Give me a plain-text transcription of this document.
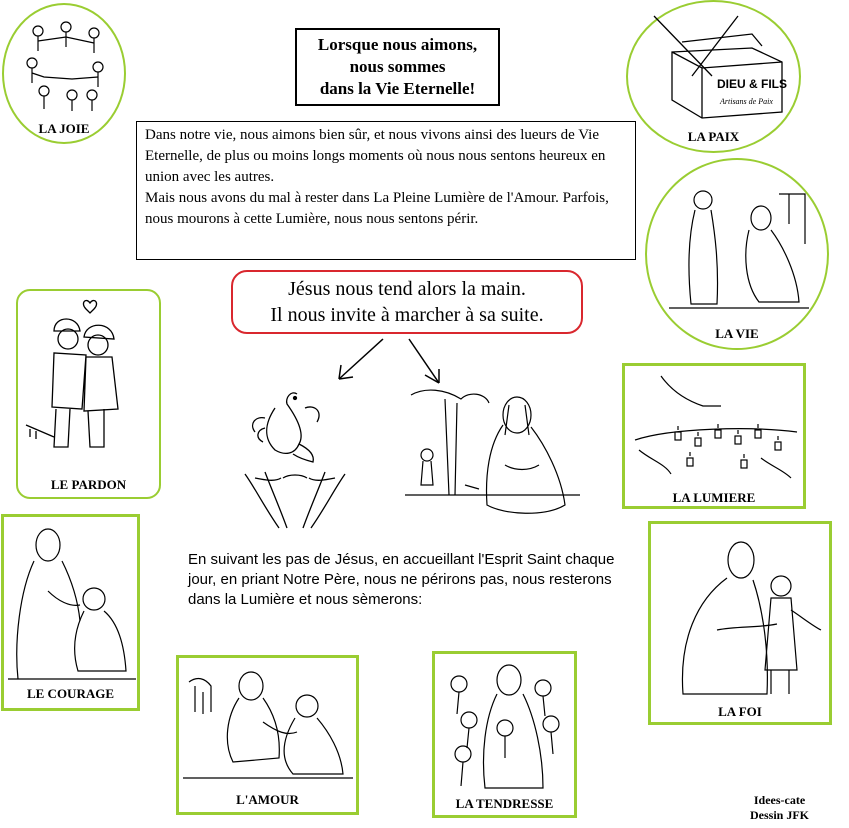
Lorsque nous aimons,
nous sommes
dans la Vie Eternelle!
Dans notre vie, nous aimons bien sûr, et nous vivons ainsi des lueurs de Vie Eternelle, de plus ou moins longs moments où nous nous sentons heureux en union avec les autres.
Mais nous avons du mal à rester dans La Pleine Lumière de l'Amour. Parfois, nous mourons à cette Lumière, nous nous sentons périr.
Jésus nous tend alors la main.
Il nous invite à marcher à sa suite.
En suivant les pas de Jésus, en accueillant l'Esprit Saint chaque jour, en priant Notre Père, nous ne périrons pas, nous resterons dans la Lumière et nous sèmerons:
LA JOIE
DIEU & FILS
Artisans de Paix
LA PAIX
LA VIE
LE PARDON
LA LUMIERE
LE COURAGE
LA FOI
L'AMOUR	LA TENDRESSE	Idees-cate
Dessin JFK
